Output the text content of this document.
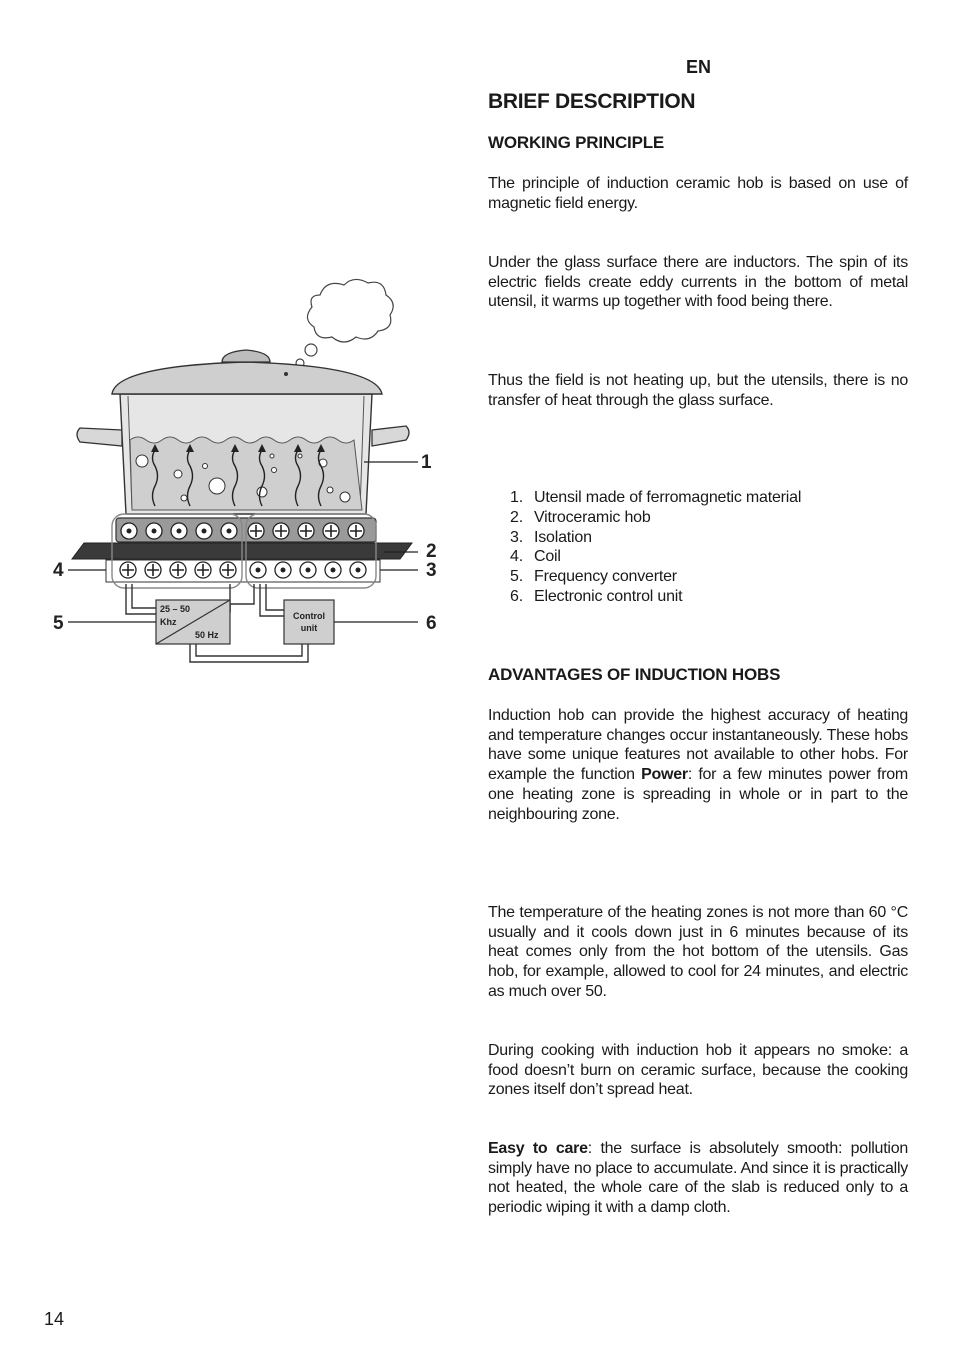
EN
BRIEF DESCRIPTION
WORKING PRINCIPLE

The principle of induction ceramic hob is based on use of magnetic field energy.

Under the glass surface there are inductors. The spin of its electric fields create eddy currents in the bottom of metal utensil, it warms up together with food being there.

Thus the field is not heating up, but the utensils, there is no transfer of heat through the glass surface.

1. Utensil made of ferromagnetic material
2. Vitroceramic hob
3. Isolation
4. Coil
5. Frequency converter
6. Electronic control unit
ADVANTAGES OF INDUCTION HOBS

Induction hob can provide the highest accuracy of heating and temperature changes occur instantaneously. These hobs have some unique features not available to other hobs. For example the function Power: for a few minutes power from one heating zone is spreading in whole or in part to the neighbouring zone.

The temperature of the heating zones is not more than 60 °C usually and it cools down just in 6 minutes because of its heat comes only from the hot bottom of the utensils. Gas hob, for example, allowed to cool for 24 minutes, and electric as much over 50.

During cooking with induction hob it appears no smoke: a food doesn’t burn on ceramic surface, because the cooking zones itself don’t spread heat.

Easy to care: the surface is absolutely smooth: pollution simply have no place to accumulate. And since it is practically not heated, the whole care of the slab is reduced only to a periodic wiping it with a damp cloth.

14
25 – 50
Khz
50 Hz
Control
unit
1
2
3
4
5	6
